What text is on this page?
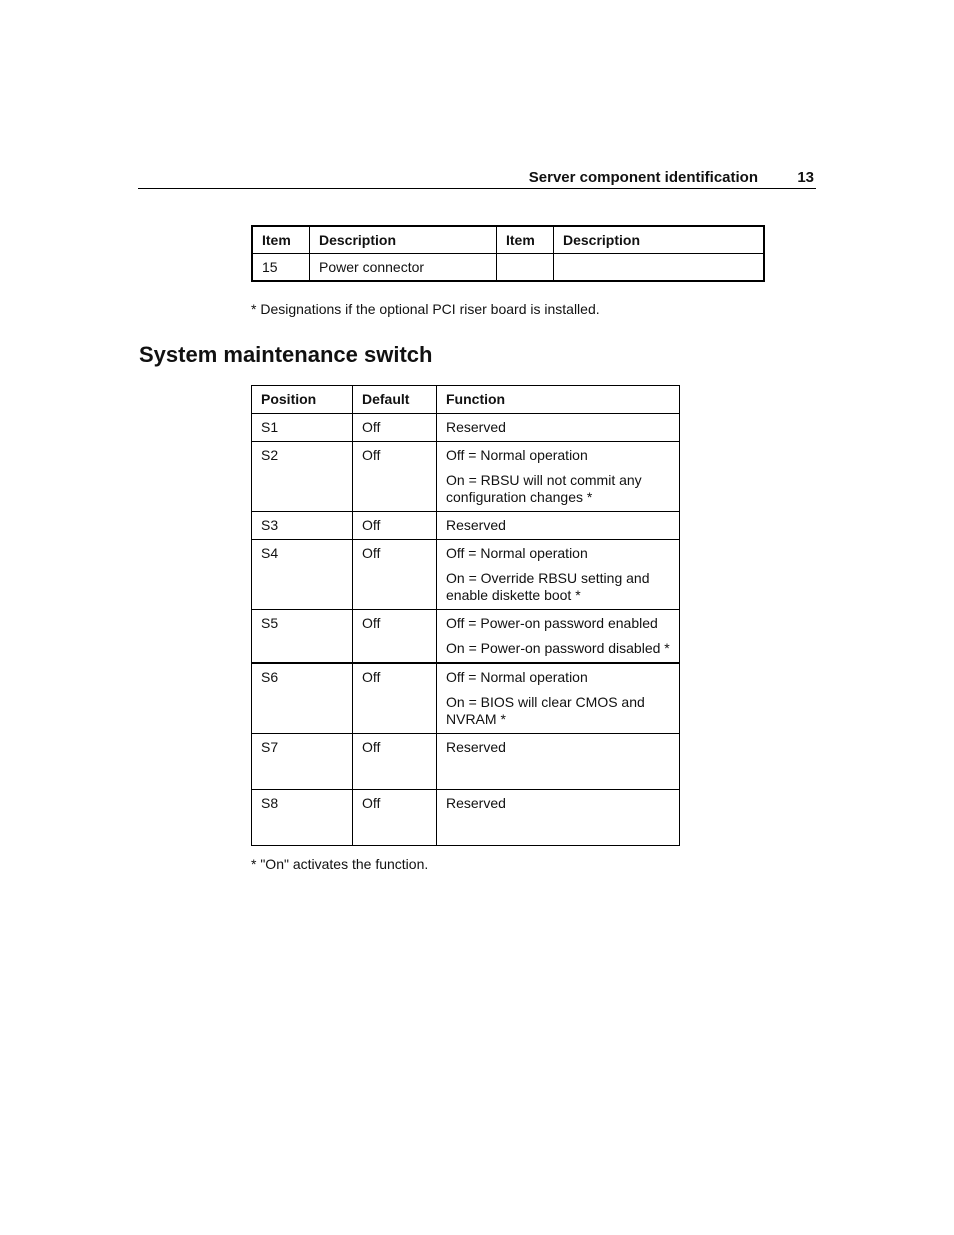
Server component identification	13
Item	Description	Item	Description
15	Power connector		
* Designations if the optional PCI riser board is installed.
System maintenance switch
Position	Default	Function
S1	Off	Reserved

S2	Off	Off = Normal operation
On = RBSU will not commit any configuration changes *

S3	Off	Reserved

S4	Off	Off = Normal operation
On = Override RBSU setting and enable diskette boot *

S5	Off	Off = Power-on password enabled
On = Power-on password disabled *

S6	Off	Off = Normal operation
On = BIOS will clear CMOS and NVRAM *

S7	Off	Reserved

S8	Off	Reserved
* "On" activates the function.
